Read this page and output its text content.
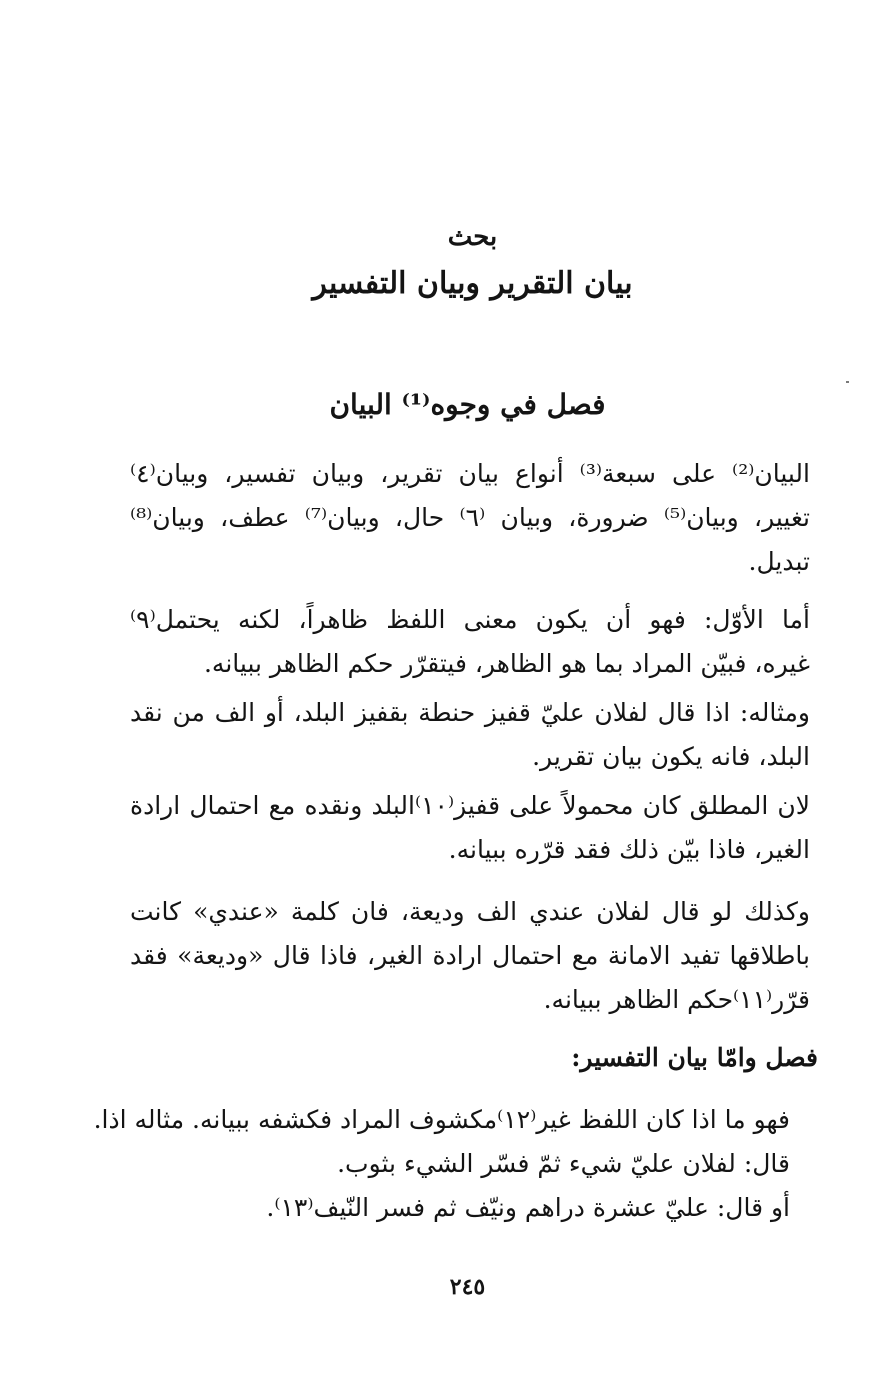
بحث
بيان التقرير وبيان التفسير
فصل في وجوه⁽¹⁾ البيان
البيان⁽²⁾ على سبعة⁽³⁾ أنواع بيان تقرير، وبيان تفسير، وبيان⁽٤⁾
تغيير، وبيان⁽⁵⁾ ضرورة، وبيان ⁽٦⁾ حال، وبيان⁽⁷⁾ عطف، وبيان⁽⁸⁾
تبديل.
أما الأوّل: فهو أن يكون معنى اللفظ ظاهراً، لكنه يحتمل⁽٩⁾
غيره، فبيّن المراد بما هو الظاهر، فيتقرّر حكم الظاهر ببيانه.
ومثاله: اذا قال لفلان عليّ قفيز حنطة بقفيز البلد، أو الف من نقد
البلد، فانه يكون بيان تقرير.
لان المطلق كان محمولاً على قفيز⁽١٠⁾البلد ونقده مع احتمال ارادة
الغير، فاذا بيّن ذلك فقد قرّره ببيانه.
وكذلك لو قال لفلان عندي الف وديعة، فان كلمة «عندي» كانت
باطلاقها تفيد الامانة مع احتمال ارادة الغير، فاذا قال «وديعة» فقد
قرّر⁽١١⁾حكم الظاهر ببيانه.
فصل وامّا بيان التفسير:
فهو ما اذا كان اللفظ غير⁽١٢⁾مكشوف المراد فكشفه ببيانه. مثاله اذا.
قال: لفلان عليّ شيء ثمّ فسّر الشيء بثوب.
أو قال: عليّ عشرة دراهم ونيّف ثم فسر النّيف⁽١٣⁾.
٢٤٥
